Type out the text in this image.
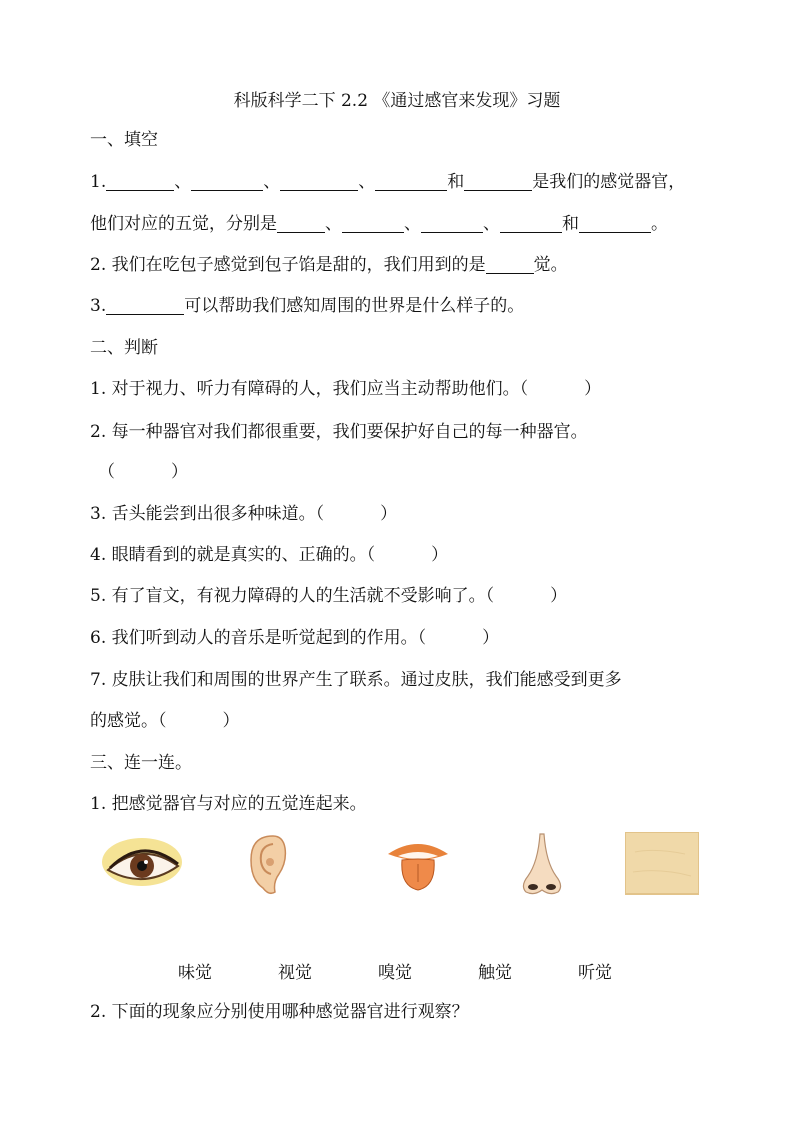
科版科学二下 2.2 《通过感官来发现》习题
一、填空
1.	、	、	、	和	是我们的感觉器官，
他们对应的五觉，分别是	、	、	、	和	。
2. 我们在吃包子感觉到包子馅是甜的，我们用到的是	觉。
3.	可以帮助我们感知周围的世界是什么样子的。
二、判断
1. 对于视力、听力有障碍的人，我们应当主动帮助他们。（	）
2. 每一种器官对我们都很重要，我们要保护好自己的每一种器官。
（	）
3. 舌头能尝到出很多种味道。（	）
4. 眼睛看到的就是真实的、正确的。（	）
5. 有了盲文，有视力障碍的人的生活就不受影响了。（	）
6. 我们听到动人的音乐是听觉起到的作用。（	）
7. 皮肤让我们和周围的世界产生了联系。通过皮肤，我们能感受到更多
的感觉。（	）
三、连一连。
1. 把感觉器官与对应的五觉连起来。
味觉	视觉	嗅觉	触觉	听觉
2. 下面的现象应分别使用哪种感觉器官进行观察？
